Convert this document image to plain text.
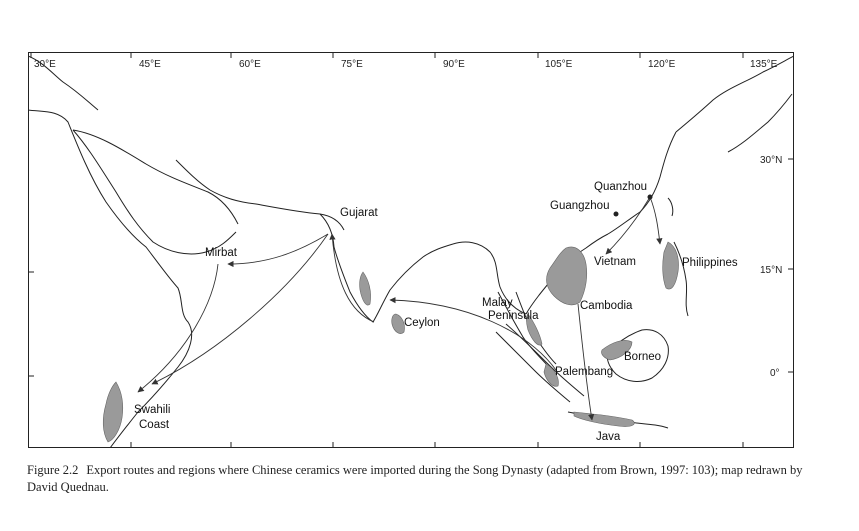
30°E	45°E	60°E	75°E	90°E	105°E	120°E	135°E
30°N
15°N
0°
Quanzhou
Guangzhou
Gujarat
Mirbat
Vietnam	Philippines
Malay
Peninsula
Cambodia
Ceylon
Borneo
Palembang
Swahili
Coast
Java
Figure 2.2 Export routes and regions where Chinese ceramics were imported during the Song Dynasty (adapted from Brown, 1997: 103); map redrawn by David Quednau.
